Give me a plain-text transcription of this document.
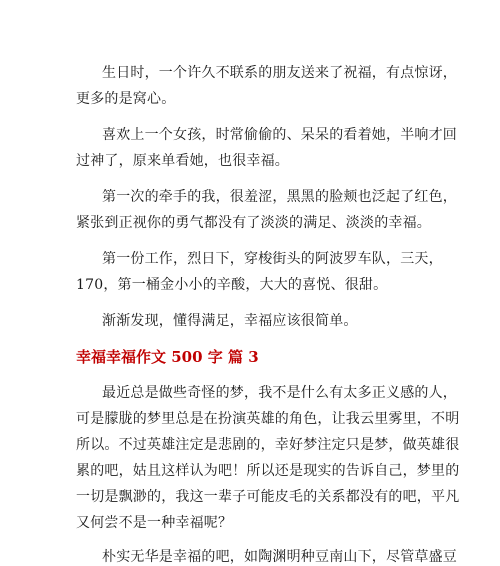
生日时，一个许久不联系的朋友送来了祝福，有点惊讶，
更多的是窝心。
喜欢上一个女孩，时常偷偷的、呆呆的看着她，半响才回
过神了，原来单看她，也很幸福。
第一次的牵手的我，很羞涩，黑黑的脸颊也泛起了红色，
紧张到正视你的勇气都没有了淡淡的满足、淡淡的幸福。
第一份工作，烈日下，穿梭街头的阿波罗车队，三天，
170，第一桶金小小的辛酸，大大的喜悦、很甜。
渐渐发现，懂得满足，幸福应该很简单。
幸福幸福作文 500 字 篇 3
最近总是做些奇怪的梦，我不是什么有太多正义感的人，
可是朦胧的梦里总是在扮演英雄的角色，让我云里雾里，不明
所以。不过英雄注定是悲剧的，幸好梦注定只是梦，做英雄很
累的吧，姑且这样认为吧！所以还是现实的告诉自己，梦里的
一切是飘渺的，我这一辈子可能皮毛的关系都没有的吧，平凡
又何尝不是一种幸福呢？
朴实无华是幸福的吧，如陶渊明种豆南山下，尽管草盛豆
